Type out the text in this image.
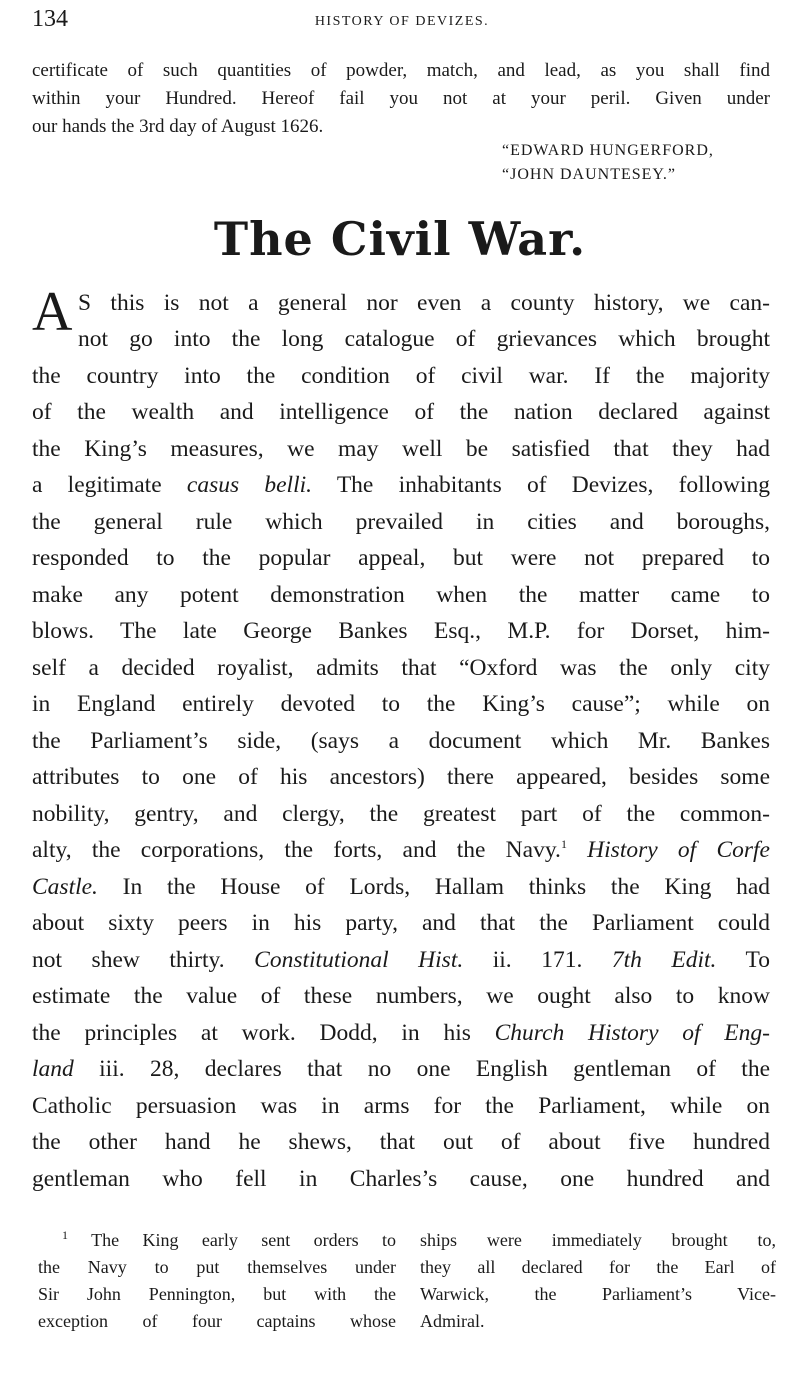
134	HISTORY OF DEVIZES.
certificate of such quantities of powder, match, and lead, as you shall find
within your Hundred. Hereof fail you not at your peril. Given under
our hands the 3rd day of August 1626.
“EDWARD HUNGERFORD,
“JOHN DAUNTESEY.”
The Civil War.
A S this is not a general nor even a county history, we can-
not go into the long catalogue of grievances which brought
the country into the condition of civil war. If the majority
of the wealth and intelligence of the nation declared against
the King’s measures, we may well be satisfied that they had
a legitimate casus belli. The inhabitants of Devizes, following
the general rule which prevailed in cities and boroughs,
responded to the popular appeal, but were not prepared to
make any potent demonstration when the matter came to
blows. The late George Bankes Esq., M.P. for Dorset, him-
self a decided royalist, admits that “Oxford was the only city
in England entirely devoted to the King’s cause”; while on
the Parliament’s side, (says a document which Mr. Bankes
attributes to one of his ancestors) there appeared, besides some
nobility, gentry, and clergy, the greatest part of the common-
alty, the corporations, the forts, and the Navy.$^1$ History of Corfe
Castle. In the House of Lords, Hallam thinks the King had
about sixty peers in his party, and that the Parliament could
not shew thirty. Constitutional Hist. ii. 171. 7th Edit. To
estimate the value of these numbers, we ought also to know
the principles at work. Dodd, in his Church History of Eng-
land iii. 28, declares that no one English gentleman of the
Catholic persuasion was in arms for the Parliament, while on
the other hand he shews, that out of about five hundred
gentleman who fell in Charles’s cause, one hundred and
$^1$ The King early sent orders to
the Navy to put themselves under
Sir John Pennington, but with the
exception of four captains whose
ships were immediately brought to,
they all declared for the Earl of
Warwick, the Parliament’s Vice-
Admiral.
